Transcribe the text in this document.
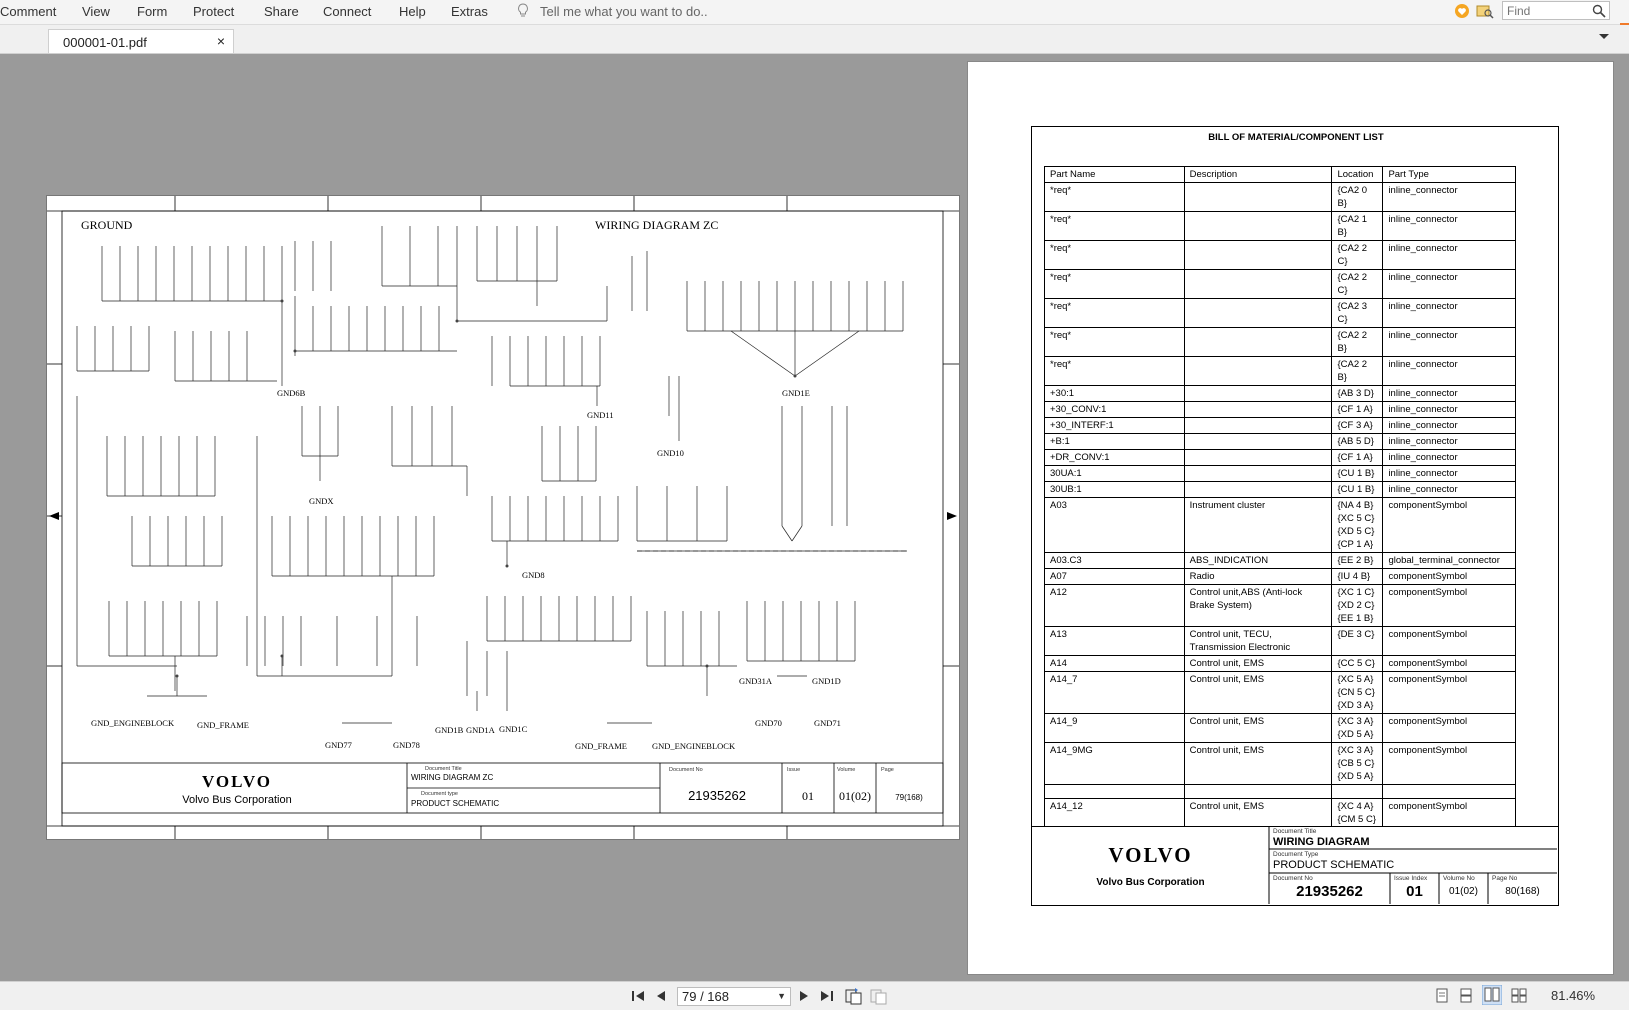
Comment View Form Protect Share Connect Help Extras	Tell me what you want to do..
Find
000001-01.pdf	×
GROUND	WIRING DIAGRAM ZC
GND6B
GND11
GND10
GND1E
GNDX
GND8
GND31A	GND1D
GND70	GND71
GND_ENGINEBLOCK	GND_FRAME
GND77	GND78
GND1B GND1A GND1C
GND_FRAME	GND_ENGINEBLOCK
VOLVO
Volvo Bus Corporation
Document Title
WIRING DIAGRAM ZC
Document type
PRODUCT SCHEMATIC
Document No
21935262
Issue
01
Volume
01(02)
Page
79(168)
BILL OF MATERIAL/COMPONENT LIST
Part Name	Description	Location	Part Type
*req*		{CA2 0 B}	inline_connector
*req*		{CA2 1 B}	inline_connector
*req*		{CA2 2 C}	inline_connector
*req*		{CA2 2 C}	inline_connector
*req*		{CA2 3 C}	inline_connector
*req*		{CA2 2 B}	inline_connector
*req*		{CA2 2 B}	inline_connector
+30:1		{AB 3 D}	inline_connector
+30_CONV:1		{CF 1 A}	inline_connector
+30_INTERF:1		{CF 3 A}	inline_connector
+B:1		{AB 5 D}	inline_connector
+DR_CONV:1		{CF 1 A}	inline_connector
30UA:1		{CU 1 B}	inline_connector
30UB:1		{CU 1 B}	inline_connector
A03	Instrument cluster	{NA 4 B} {XC 5 C} {XD 5 C} {CP 1 A}	componentSymbol
A03.C3	ABS_INDICATION	{EE 2 B}	global_terminal_connector
A07	Radio	{IU 4 B}	componentSymbol
A12	Control unit,ABS (Anti-lock Brake System)	{XC 1 C} {XD 2 C} {EE 1 B}	componentSymbol
A13	Control unit, TECU, Transmission Electronic	{DE 3 C}	componentSymbol
A14	Control unit, EMS	{CC 5 C}	componentSymbol
A14_7	Control unit, EMS	{XC 5 A} {CN 5 C} {XD 3 A}	componentSymbol
A14_9	Control unit, EMS	{XC 3 A} {XD 5 A}	componentSymbol
A14_9MG	Control unit, EMS	{XC 3 A} {CB 5 C} {XD 5 A}	componentSymbol

A14_12	Control unit, EMS	{XC 4 A} {CM 5 C}	componentSymbol
VOLVO
Volvo Bus Corporation
Document Title
WIRING DIAGRAM
Document Type
PRODUCT SCHEMATIC
Document No
21935262
Issue Index
01
Volume No
01(02)
Page No
80(168)
79 / 168
▼	81.46%
